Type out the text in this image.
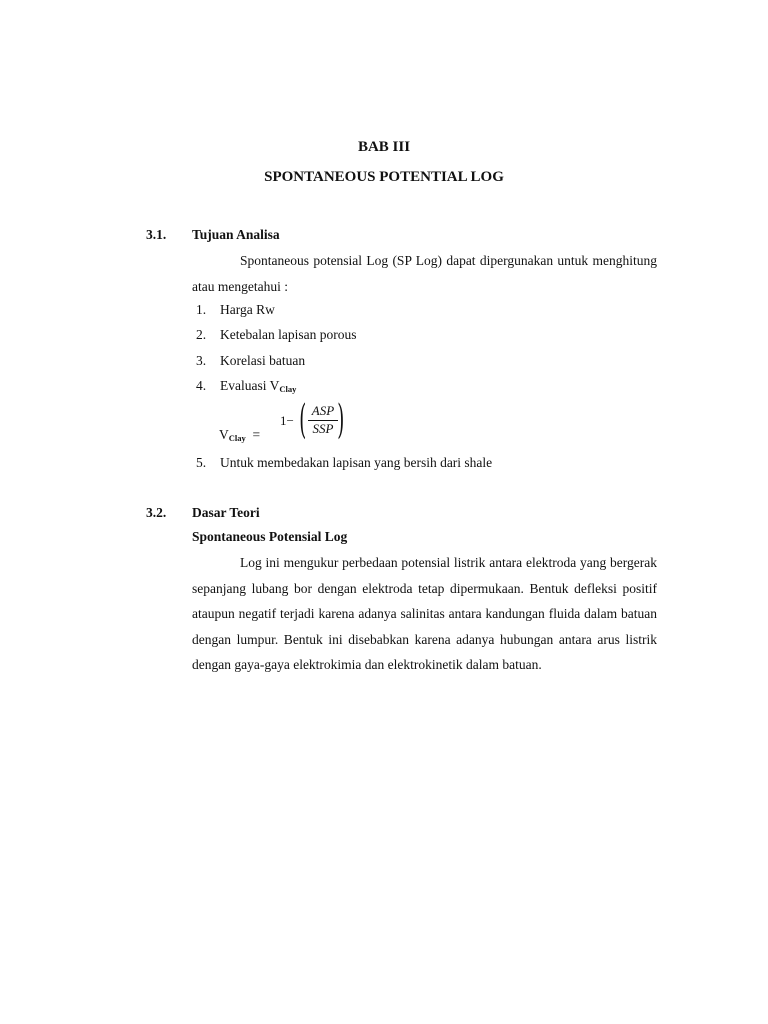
BAB III
SPONTANEOUS POTENTIAL LOG
3.1. Tujuan Analisa

Spontaneous potensial Log (SP Log) dapat dipergunakan untuk menghitung atau mengetahui :

1. Harga Rw
2. Ketebalan lapisan porous
3. Korelasi batuan
4. Evaluasi $V_{Clay}$
$V_{Clay}$ =
1− ( ASP
SSP )
5. Untuk membedakan lapisan yang bersih dari shale
3.2. Dasar Teori
Spontaneous Potensial Log

Log ini mengukur perbedaan potensial listrik antara elektroda yang bergerak sepanjang lubang bor dengan elektroda tetap dipermukaan. Bentuk defleksi positif ataupun negatif terjadi karena adanya salinitas antara kandungan fluida dalam batuan dengan lumpur. Bentuk ini disebabkan karena adanya hubungan antara arus listrik dengan gaya-gaya elektrokimia dan elektrokinetik dalam batuan.
